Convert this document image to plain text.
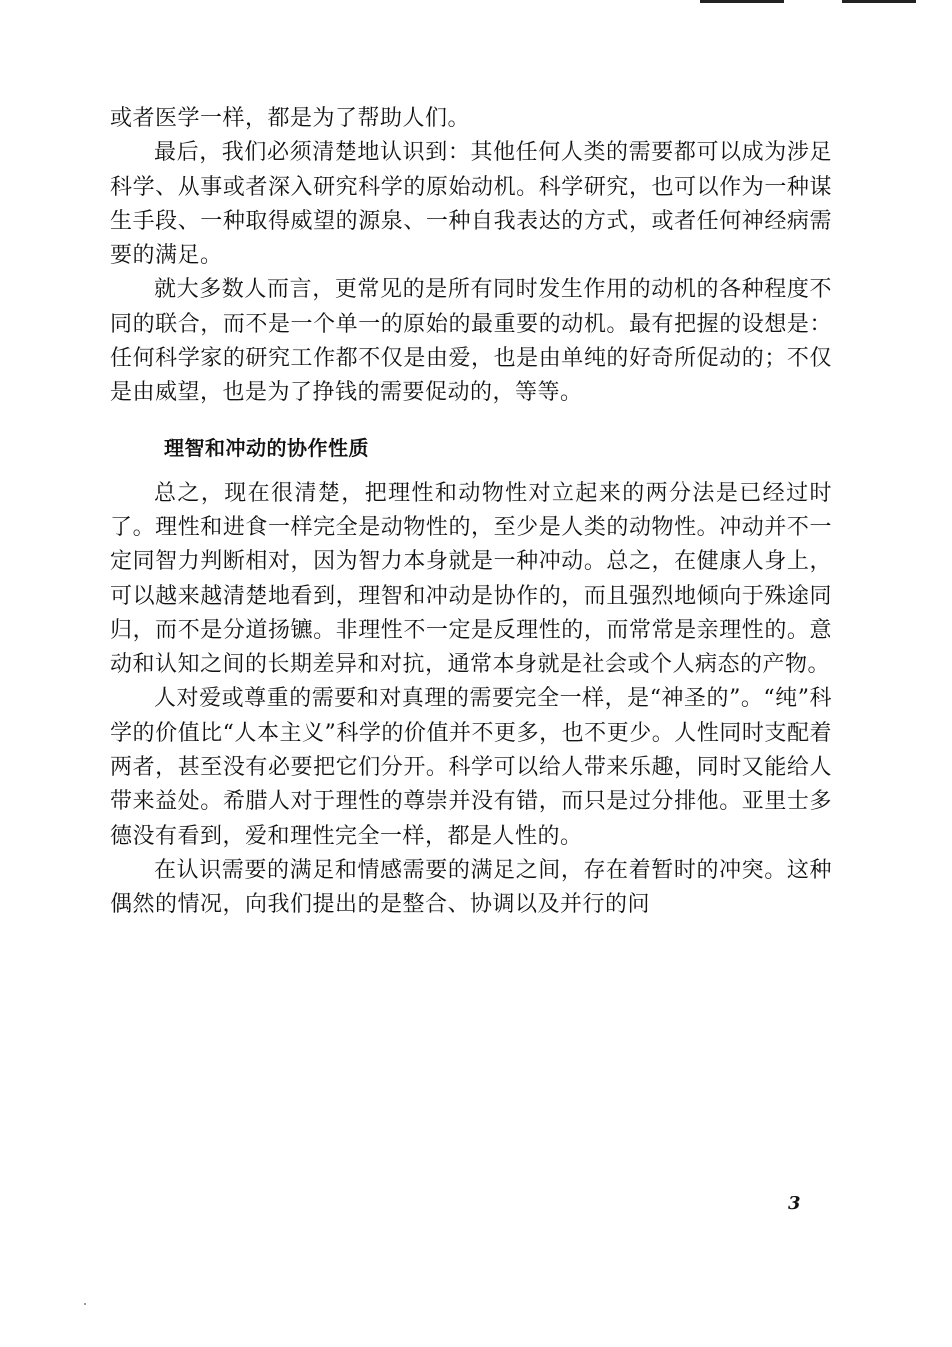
或者医学一样，都是为了帮助人们。

最后，我们必须清楚地认识到：其他任何人类的需要都可以成为涉足科学、从事或者深入研究科学的原始动机。科学研究，也可以作为一种谋生手段、一种取得威望的源泉、一种自我表达的方式，或者任何神经病需要的满足。

就大多数人而言，更常见的是所有同时发生作用的动机的各种程度不同的联合，而不是一个单一的原始的最重要的动机。最有把握的设想是：任何科学家的研究工作都不仅是由爱，也是由单纯的好奇所促动的；不仅是由威望，也是为了挣钱的需要促动的，等等。

理智和冲动的协作性质

总之，现在很清楚，把理性和动物性对立起来的两分法是已经过时了。理性和进食一样完全是动物性的，至少是人类的动物性。冲动并不一定同智力判断相对，因为智力本身就是一种冲动。总之，在健康人身上，可以越来越清楚地看到，理智和冲动是协作的，而且强烈地倾向于殊途同归，而不是分道扬镳。非理性不一定是反理性的，而常常是亲理性的。意动和认知之间的长期差异和对抗，通常本身就是社会或个人病态的产物。

人对爱或尊重的需要和对真理的需要完全一样，是“神圣的”。“纯”科学的价值比“人本主义”科学的价值并不更多，也不更少。人性同时支配着两者，甚至没有必要把它们分开。科学可以给人带来乐趣，同时又能给人带来益处。希腊人对于理性的尊崇并没有错，而只是过分排他。亚里士多德没有看到，爱和理性完全一样，都是人性的。

在认识需要的满足和情感需要的满足之间，存在着暂时的冲突。这种偶然的情况，向我们提出的是整合、协调以及并行的问

3
